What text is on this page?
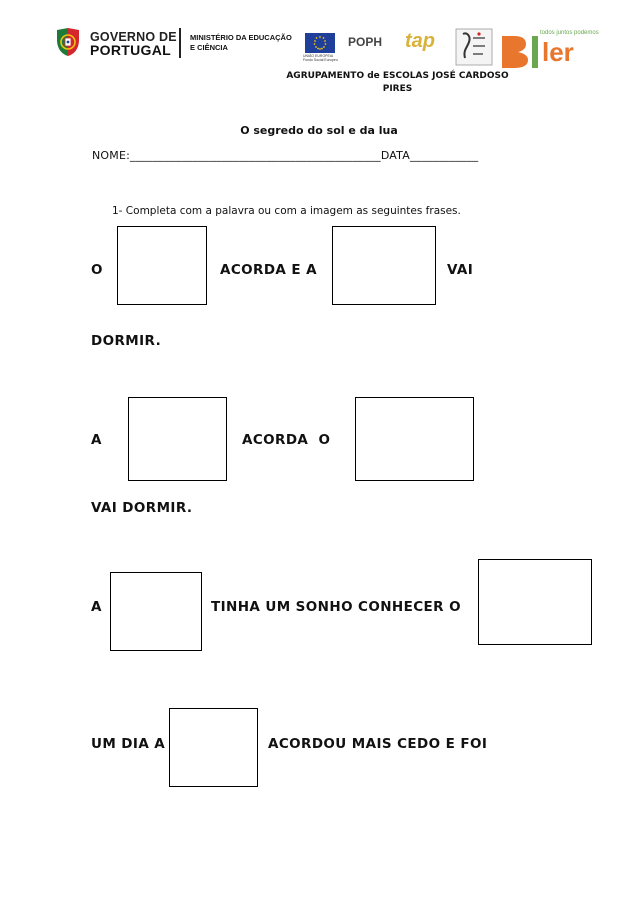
GOVERNO DE
PORTUGAL
MINISTÉRIO DA EDUCAÇÃO
E CIÊNCIA
UNIÃO EUROPEIA
Fundo Social Europeu
POPH tap	ler
todos juntos podemos
AGRUPAMENTO de ESCOLAS JOSÉ CARDOSO
PIRES
O segredo do sol e da lua
NOME:____________________________________________DATA____________
1- Completa com a palavra ou com a imagem as seguintes frases.
O	ACORDA E A	VAI
DORMIR.
A	ACORDA  O
VAI DORMIR.
A	TINHA UM SONHO CONHECER O
UM DIA A	ACORDOU MAIS CEDO E FOI
